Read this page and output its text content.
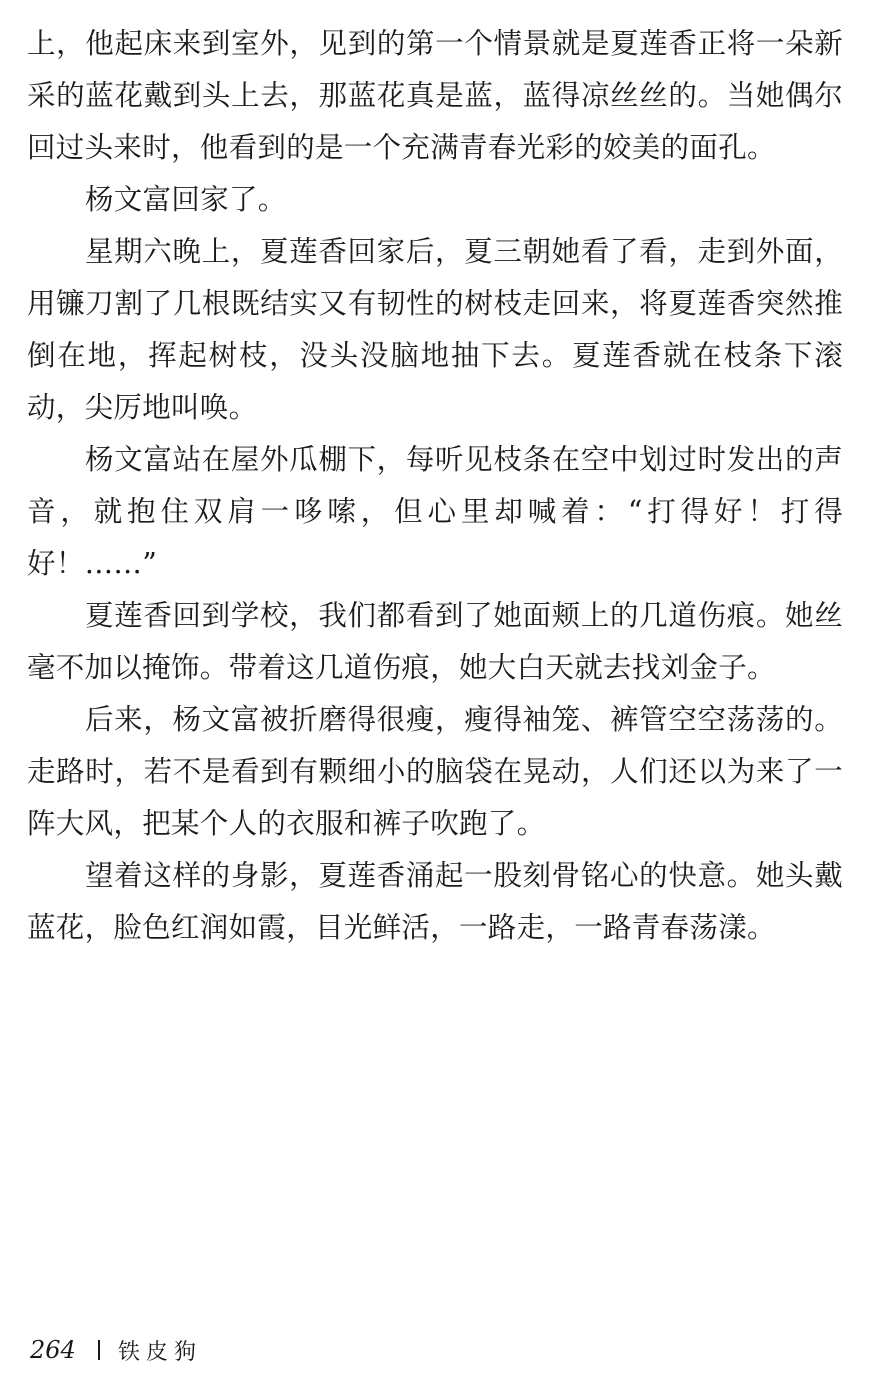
上，他起床来到室外，见到的第一个情景就是夏莲香正将一朵新采的蓝花戴到头上去，那蓝花真是蓝，蓝得凉丝丝的。当她偶尔回过头来时，他看到的是一个充满青春光彩的姣美的面孔。

杨文富回家了。

星期六晚上，夏莲香回家后，夏三朝她看了看，走到外面，用镰刀割了几根既结实又有韧性的树枝走回来，将夏莲香突然推倒在地，挥起树枝，没头没脑地抽下去。夏莲香就在枝条下滚动，尖厉地叫唤。

杨文富站在屋外瓜棚下，每听见枝条在空中划过时发出的声音，就抱住双肩一哆嗦，但心里却喊着：“打得好！打得好！……”

夏莲香回到学校，我们都看到了她面颊上的几道伤痕。她丝毫不加以掩饰。带着这几道伤痕，她大白天就去找刘金子。

后来，杨文富被折磨得很瘦，瘦得袖笼、裤管空空荡荡的。走路时，若不是看到有颗细小的脑袋在晃动，人们还以为来了一阵大风，把某个人的衣服和裤子吹跑了。

望着这样的身影，夏莲香涌起一股刻骨铭心的快意。她头戴蓝花，脸色红润如霞，目光鲜活，一路走，一路青春荡漾。

264 铁皮狗
